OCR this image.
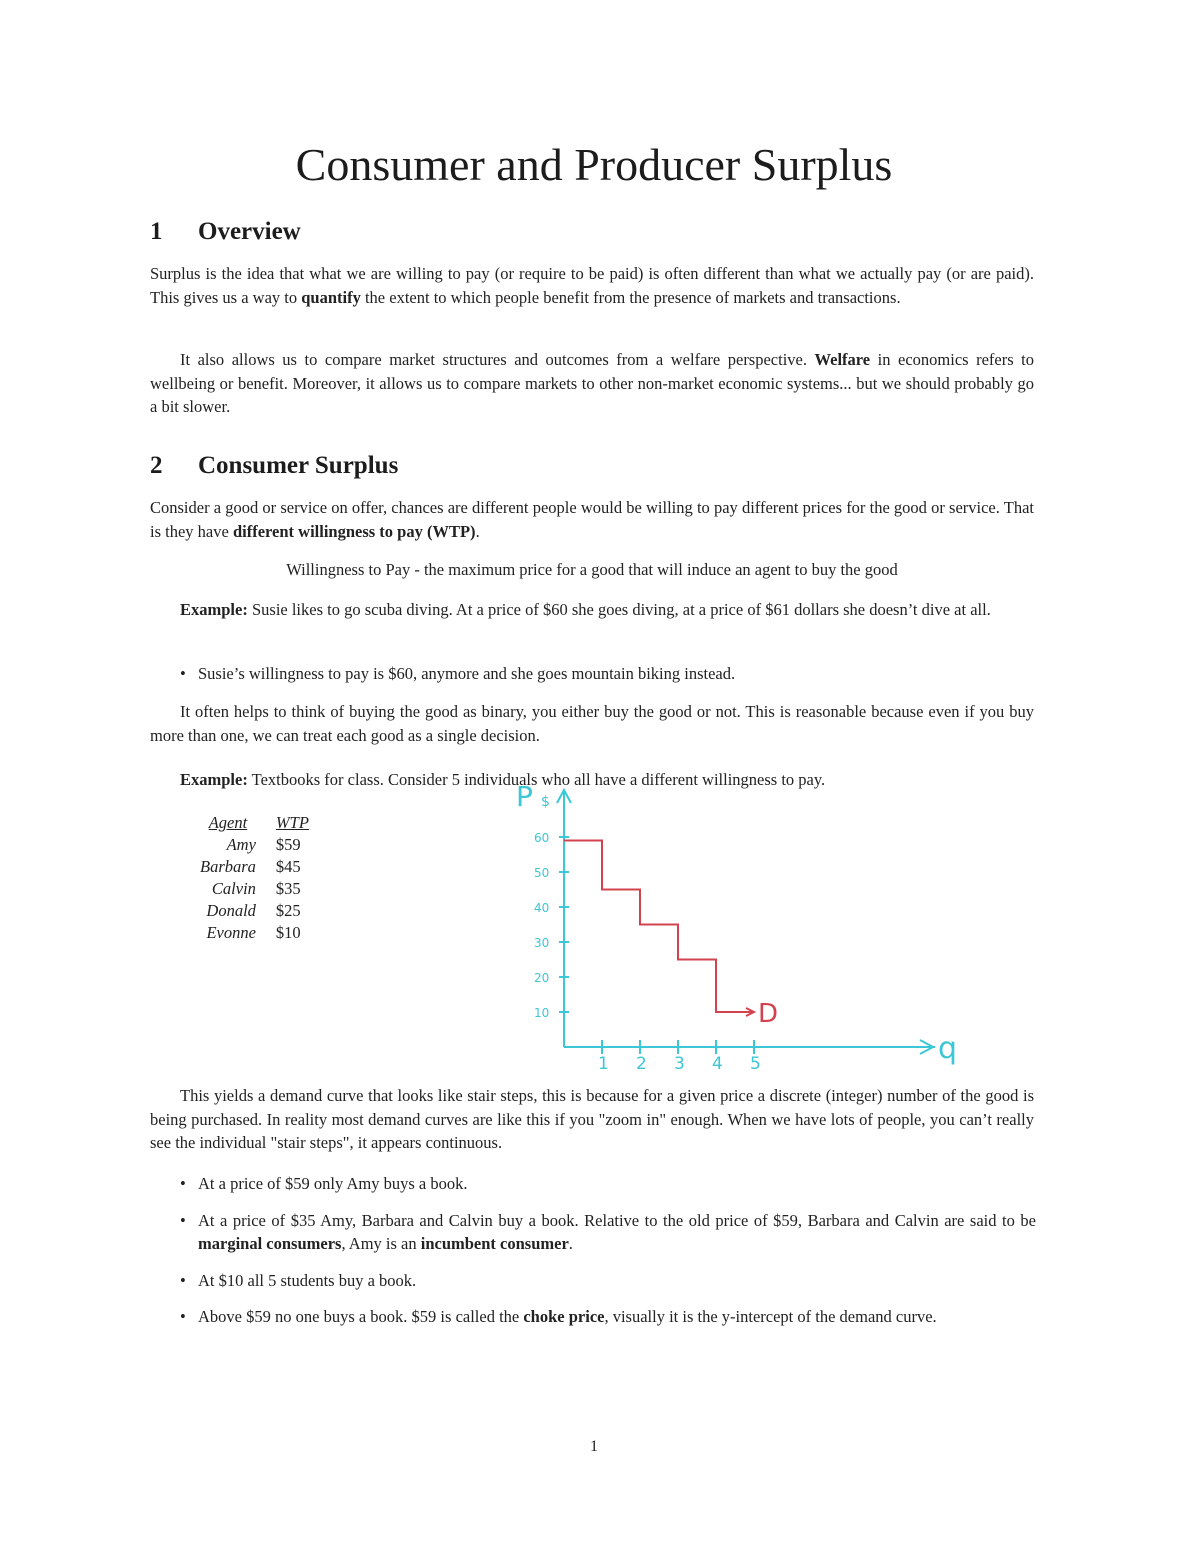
Consumer and Producer Surplus
1 Overview

Surplus is the idea that what we are willing to pay (or require to be paid) is often different than what we actually pay (or are paid). This gives us a way to quantify the extent to which people benefit from the presence of markets and transactions.

It also allows us to compare market structures and outcomes from a welfare perspective. Welfare in economics refers to wellbeing or benefit. Moreover, it allows us to compare markets to other non-market economic systems... but we should probably go a bit slower.

2 Consumer Surplus

Consider a good or service on offer, chances are different people would be willing to pay different prices for the good or service. That is they have different willingness to pay (WTP).

Willingness to Pay - the maximum price for a good that will induce an agent to buy the good

Example: Susie likes to go scuba diving. At a price of $60 she goes diving, at a price of $61 dollars she doesn’t dive at all.

• Susie’s willingness to pay is $60, anymore and she goes mountain biking instead.

It often helps to think of buying the good as binary, you either buy the good or not. This is reasonable because even if you buy more than one, we can treat each good as a single decision.

Example: Textbooks for class. Consider 5 individuals who all have a different willingness to pay.

Agent	WTP
Amy	$59
Barbara	$45
Calvin	$35
Donald	$25
Evonne	$10
q
P $
1 2 3 4 5
10
20
30
40
50
60
D

This yields a demand curve that looks like stair steps, this is because for a given price a discrete (integer) number of the good is being purchased. In reality most demand curves are like this if you "zoom in" enough. When we have lots of people, you can’t really see the individual "stair steps", it appears continuous.

• At a price of $59 only Amy buys a book.
• At a price of $35 Amy, Barbara and Calvin buy a book. Relative to the old price of $59, Barbara and Calvin are said to be marginal consumers, Amy is an incumbent consumer.
• At $10 all 5 students buy a book.
• Above $59 no one buys a book. $59 is called the choke price, visually it is the y-intercept of the demand curve.

1
